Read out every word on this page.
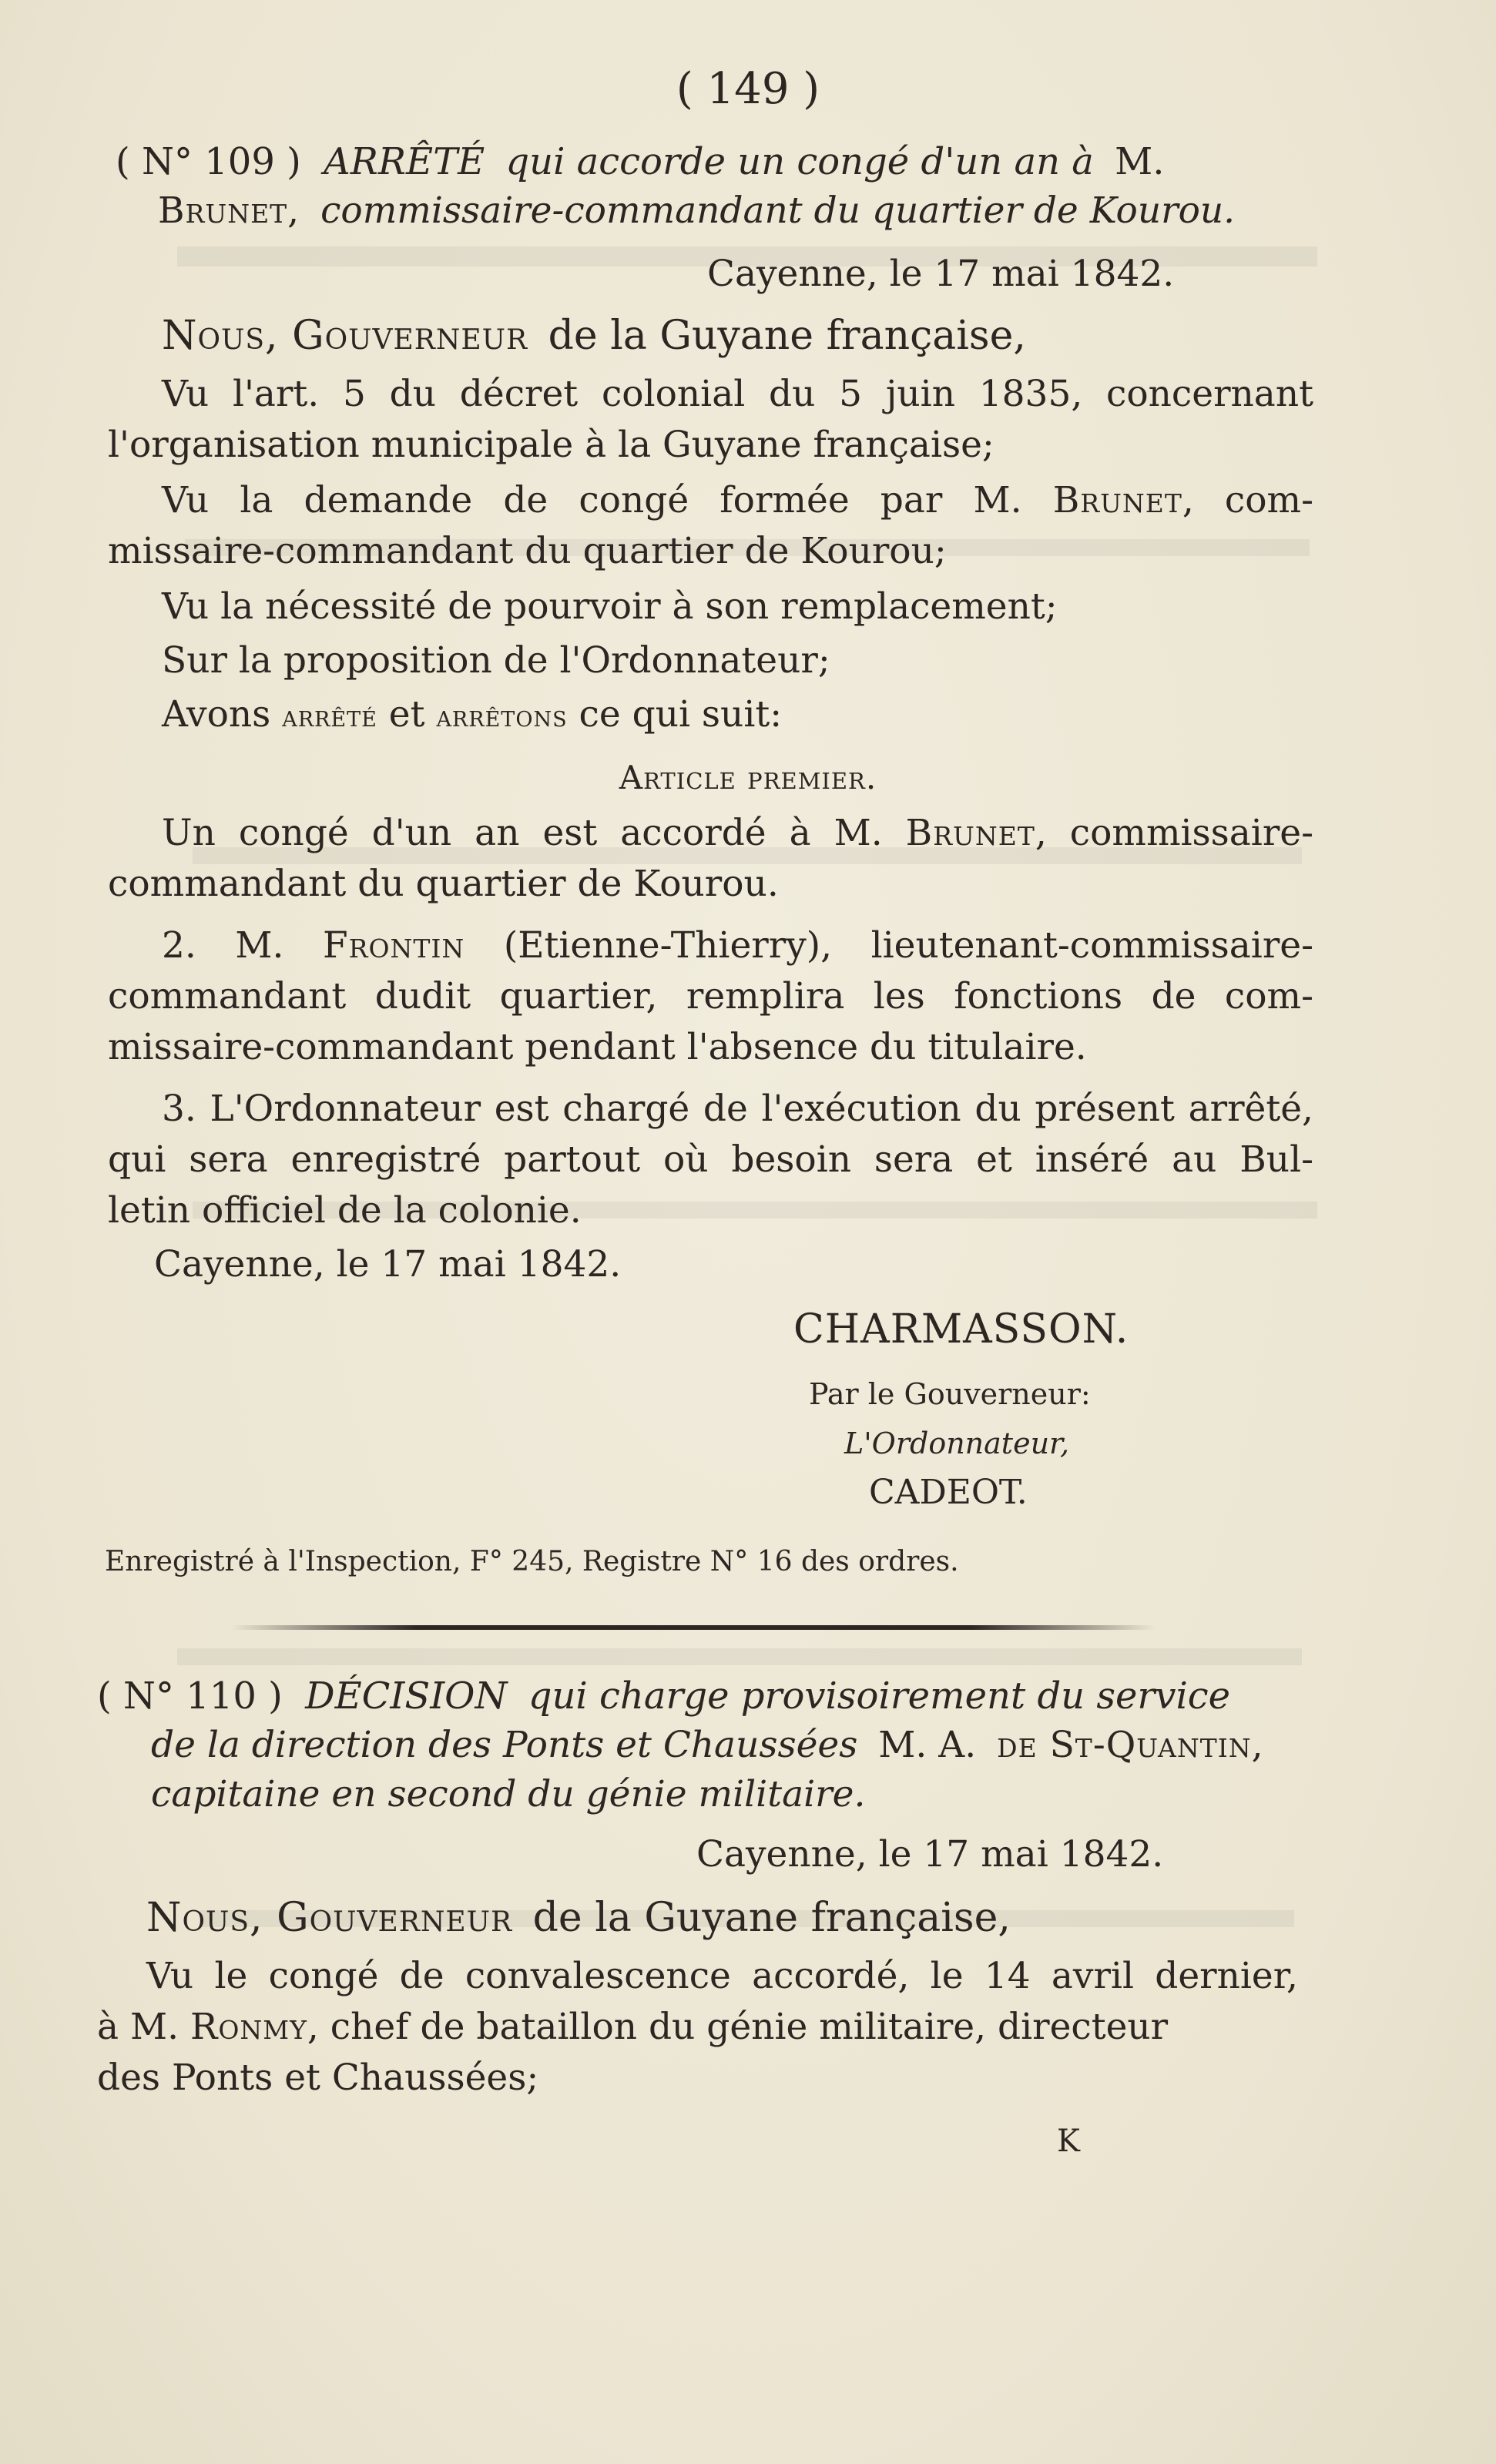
( 149 )
( N° 109 ) ARRÊTÉ qui accorde un congé d'un an à M.
Brunet, commissaire-commandant du quartier de Kourou.
Cayenne, le 17 mai 1842.
Nous, Gouverneur de la Guyane française,
Vu l'art. 5 du décret colonial du 5 juin 1835, concernant
l'organisation municipale à la Guyane française;
Vu la demande de congé formée par M. Brunet, com-
missaire-commandant du quartier de Kourou;
Vu la nécessité de pourvoir à son remplacement;
Sur la proposition de l'Ordonnateur;
Avons arrêté et arrêtons ce qui suit:
Article premier.
Un congé d'un an est accordé à M. Brunet, commissaire-
commandant du quartier de Kourou.
2. M. Frontin (Etienne-Thierry), lieutenant-commissaire-
commandant dudit quartier, remplira les fonctions de com-
missaire-commandant pendant l'absence du titulaire.
3. L'Ordonnateur est chargé de l'exécution du présent arrêté,
qui sera enregistré partout où besoin sera et inséré au Bul-
letin officiel de la colonie.
Cayenne, le 17 mai 1842.
CHARMASSON.
Par le Gouverneur:
L'Ordonnateur,
CADEOT.
Enregistré à l'Inspection, F° 245, Registre N° 16 des ordres.
( N° 110 ) DÉCISION qui charge provisoirement du service
de la direction des Ponts et Chaussées M. A. de St-Quantin,
capitaine en second du génie militaire.
Cayenne, le 17 mai 1842.
Nous, Gouverneur de la Guyane française,
Vu le congé de convalescence accordé, le 14 avril dernier,
à M. Ronmy, chef de bataillon du génie militaire, directeur
des Ponts et Chaussées;
K
